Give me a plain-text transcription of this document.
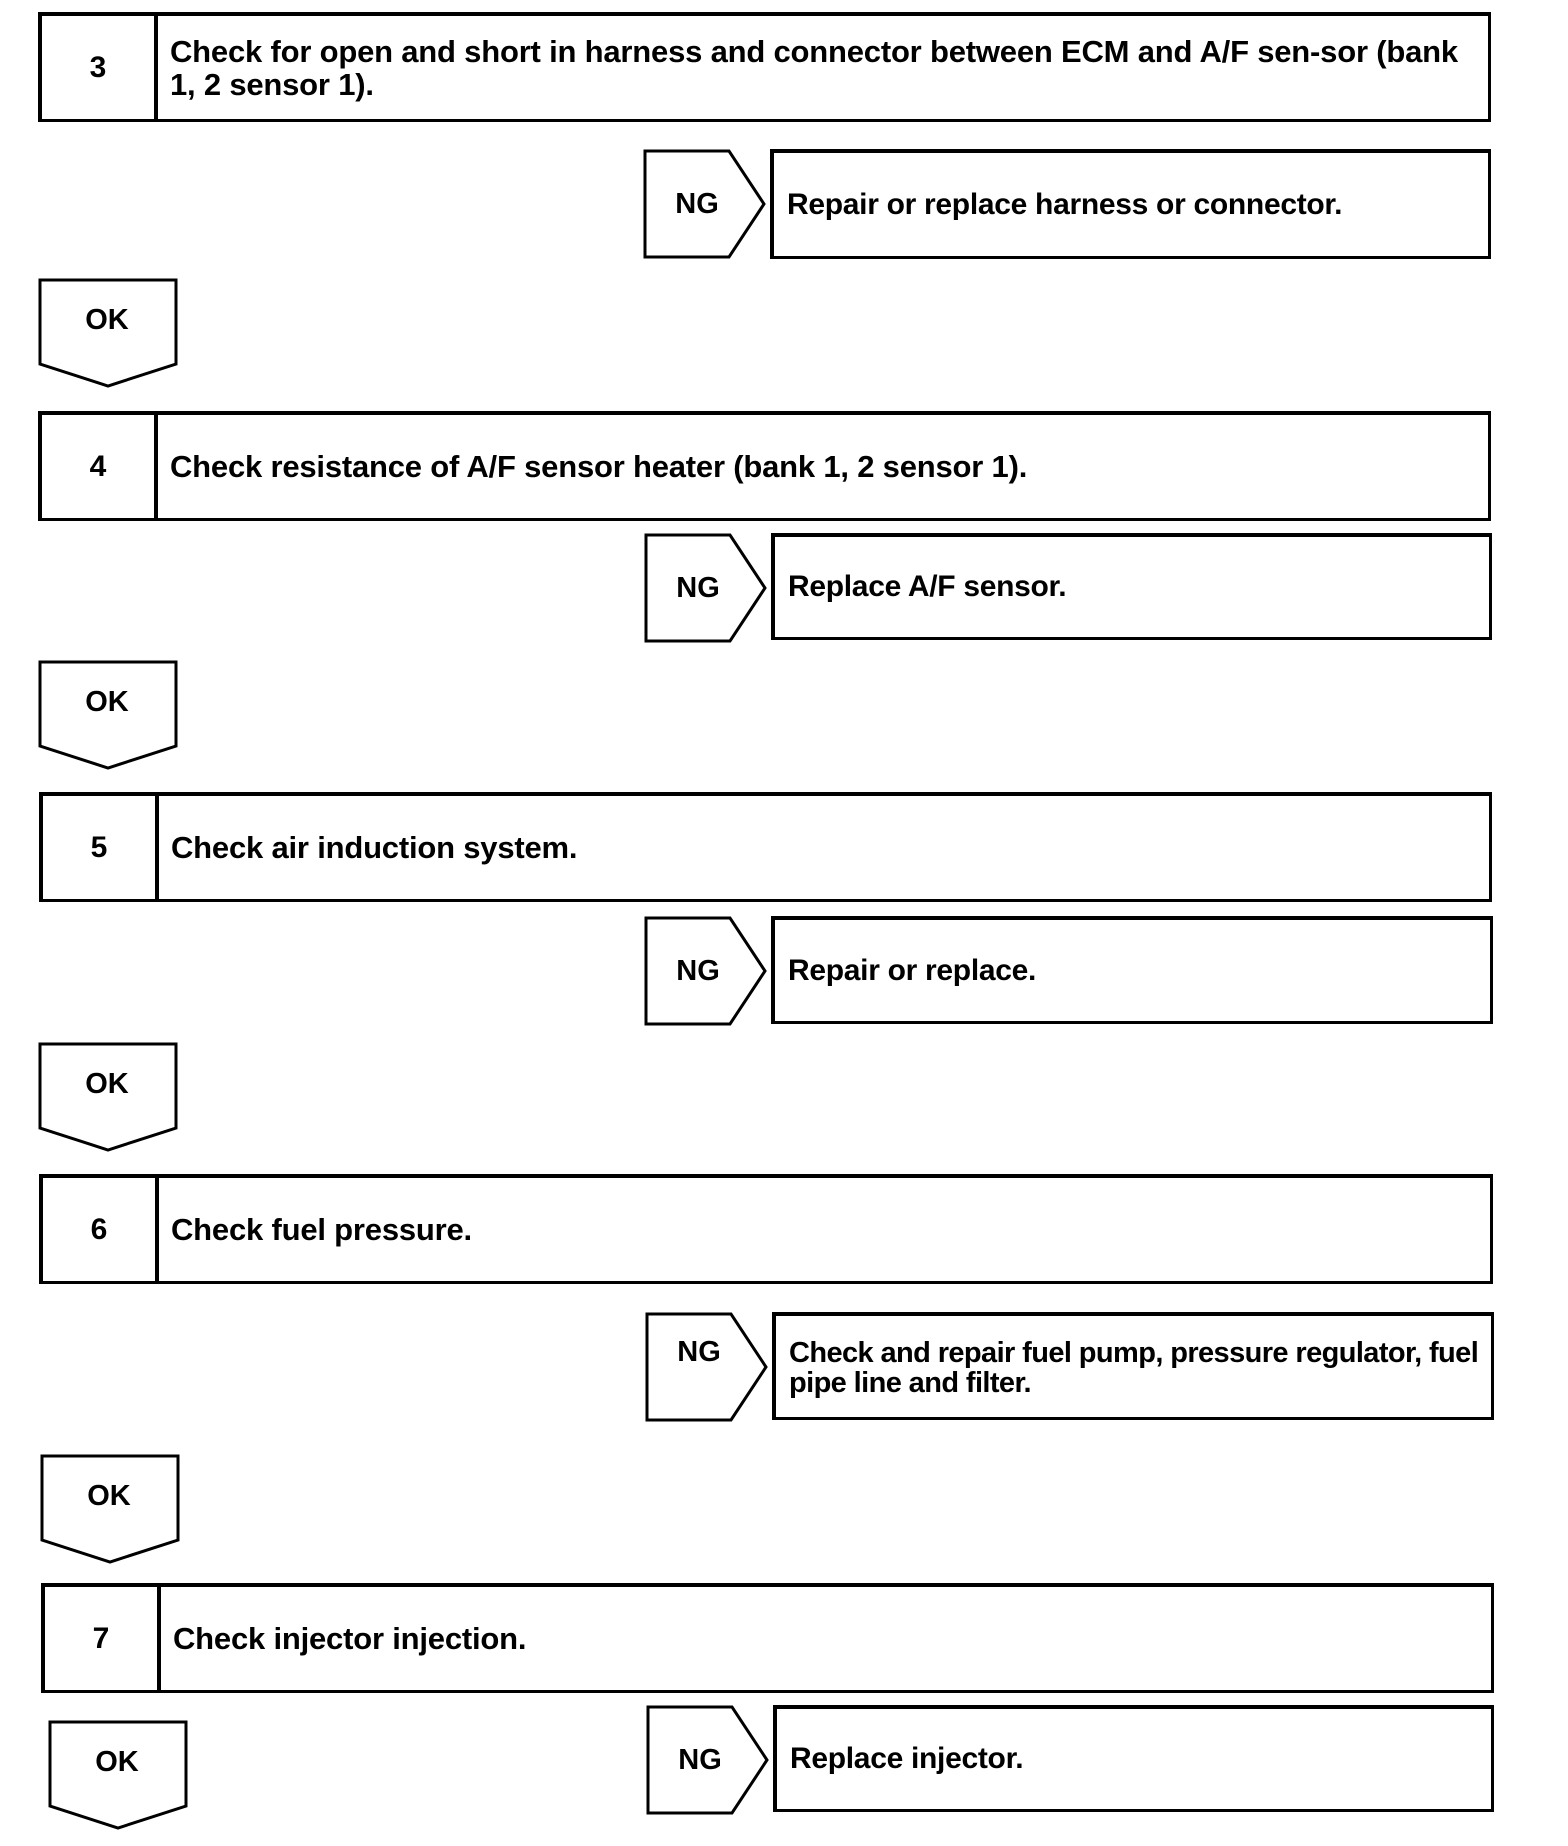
3	Check for open and short in harness and connector between ECM and A/F sen-sor (bank 1, 2 sensor 1).
NG	Repair or replace harness or connector.
OK
4	Check resistance of A/F sensor heater (bank 1, 2 sensor 1).
NG	Replace A/F sensor.
OK
5	Check air induction system.
NG	Repair or replace.
OK
6	Check fuel pressure.
NG	Check and repair fuel pump, pressure regulator, fuel pipe line and filter.
OK
7	Check injector injection.
OK	NG	Replace injector.
